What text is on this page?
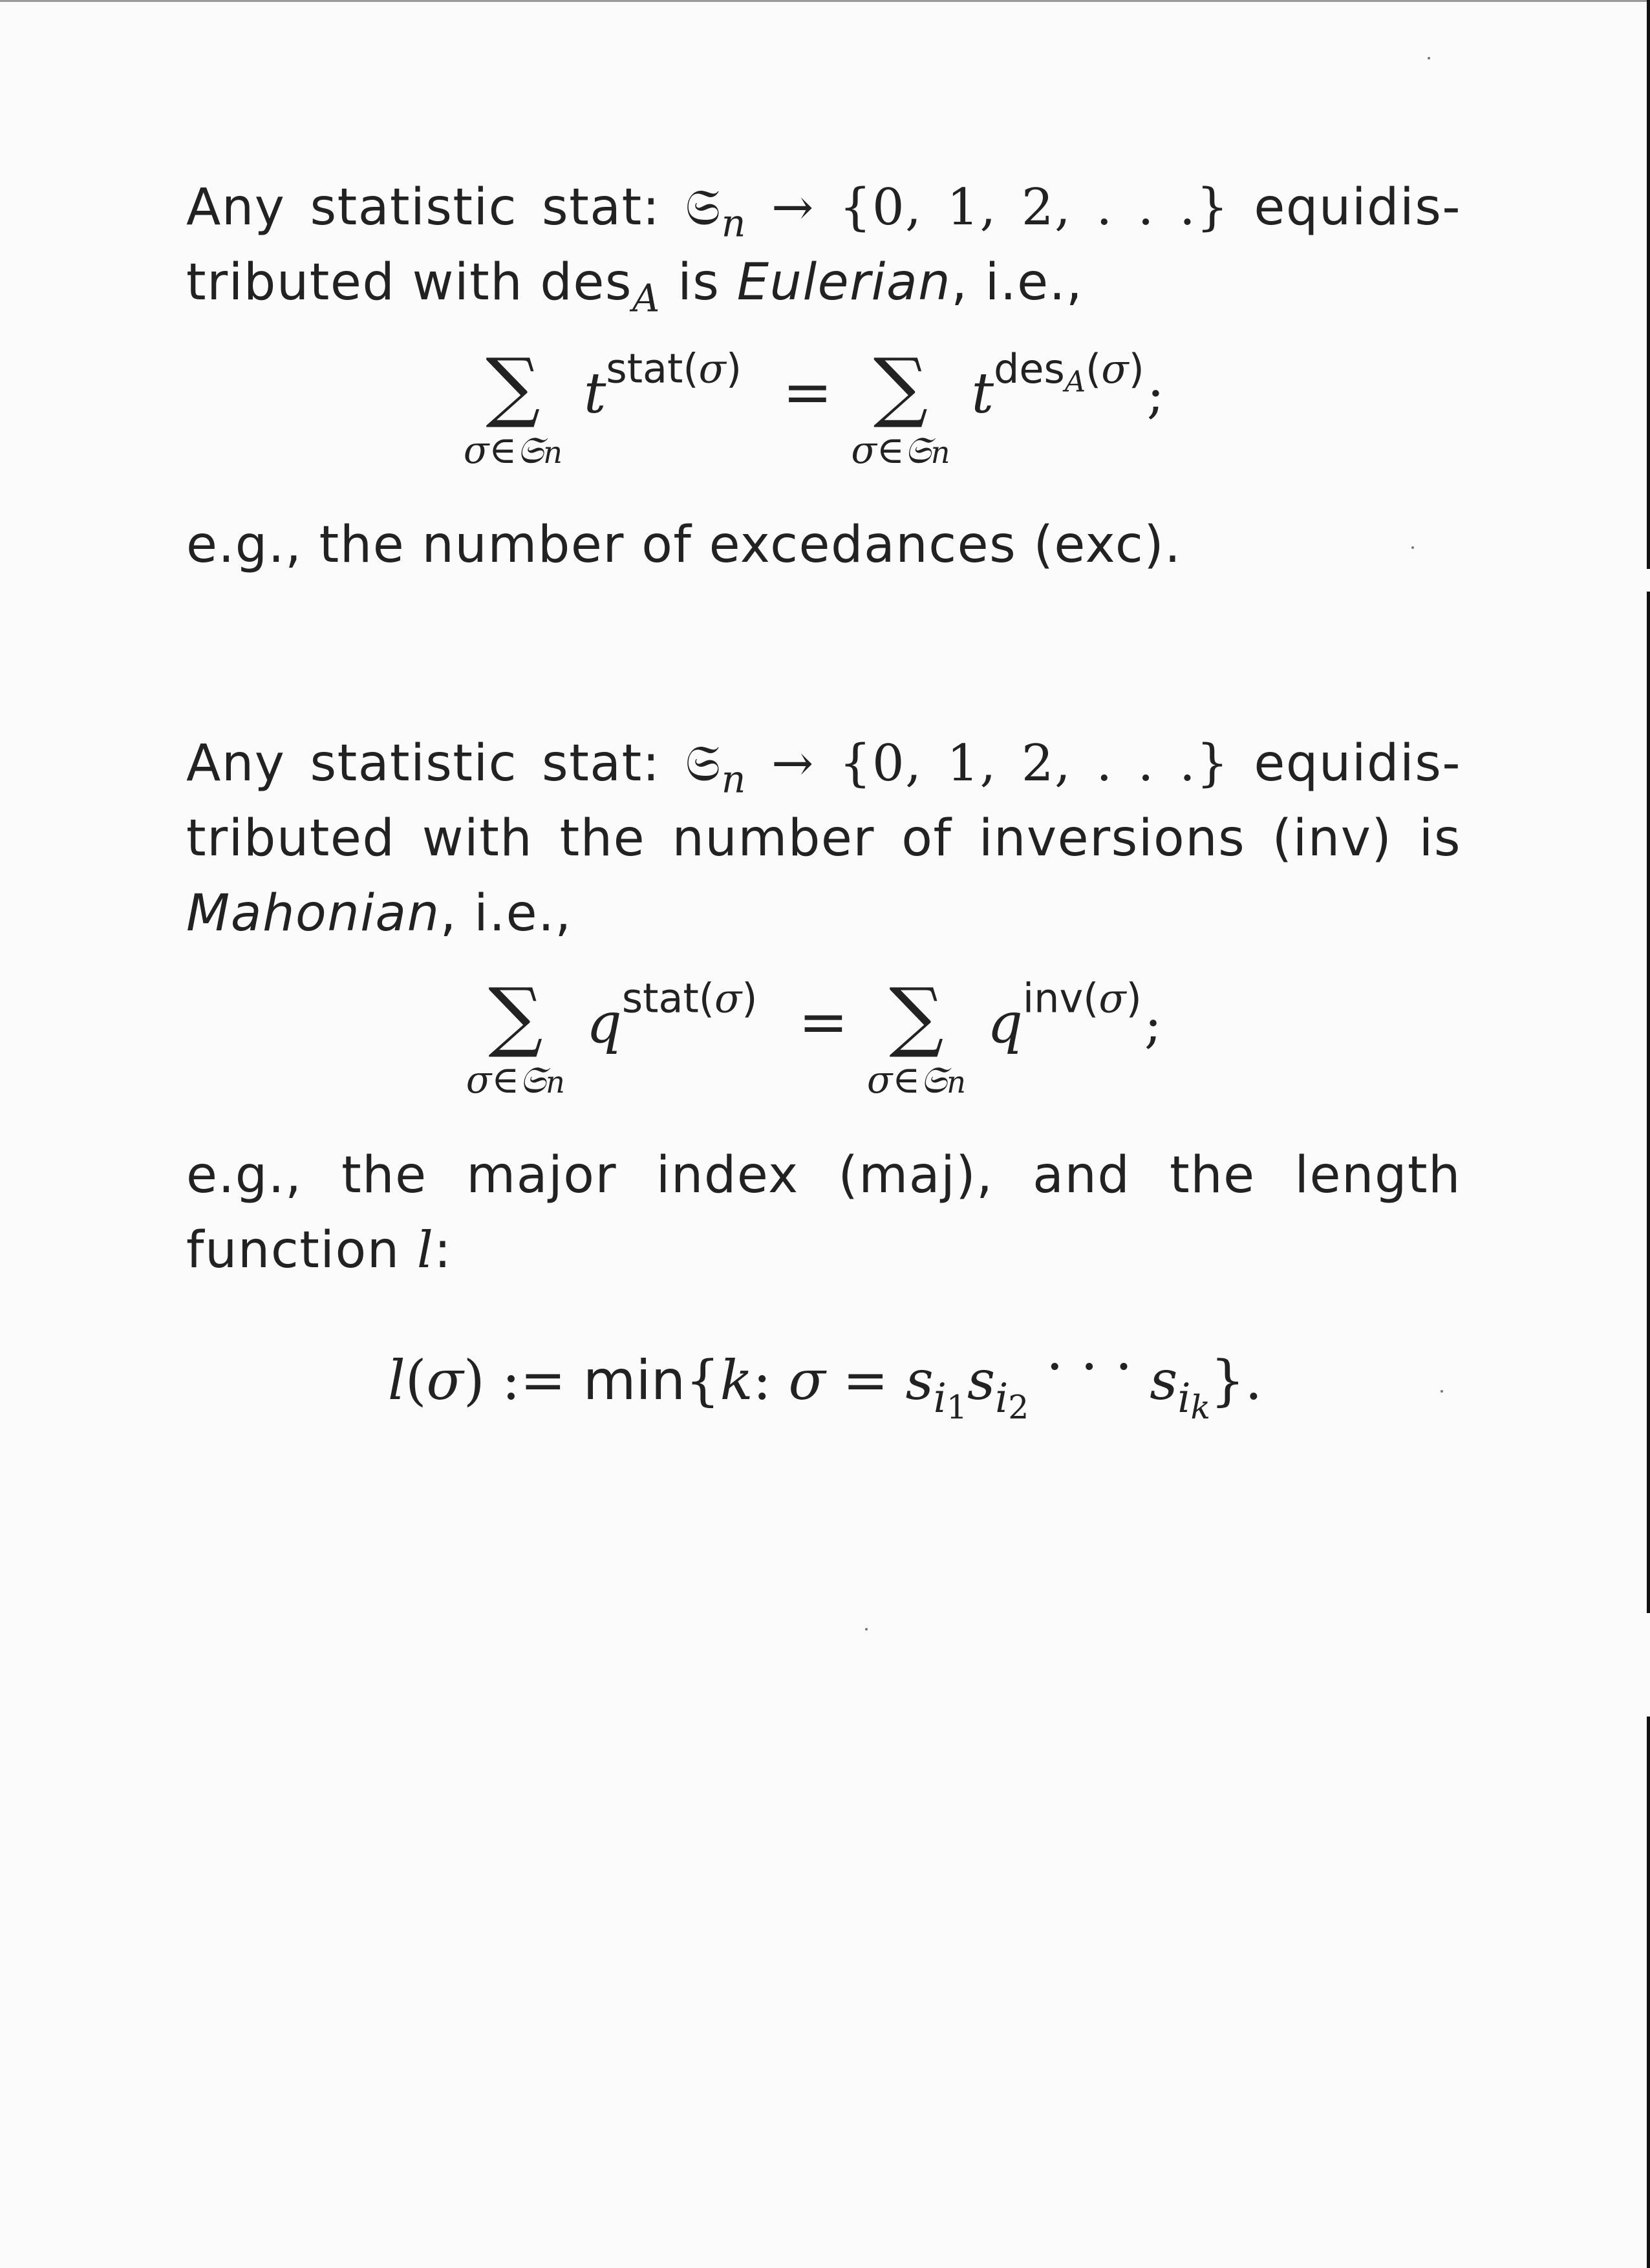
Any statistic stat: 𝔖$_n$ → {0, 1, 2, . . .} equidis-
tributed with des$_A$ is Eulerian, i.e.,
∑
σ∈𝔖n
$t^{stat(\sigma)}$ = ∑
σ∈𝔖n
$t^{des_A(\sigma)}$;
e.g., the number of excedances (exc).
Any statistic stat: 𝔖$_n$ → {0, 1, 2, . . .} equidis-
tributed with the number of inversions (inv) is
Mahonian, i.e.,
∑
σ∈𝔖n
$q^{stat(\sigma)}$ = ∑
σ∈𝔖n
$q^{inv(\sigma)}$;
e.g., the major index (maj), and the length
function l:
l(σ) := min{k: $\sigma = s_{i1}s_{i2}$ · · · $s_{ik}$}.
